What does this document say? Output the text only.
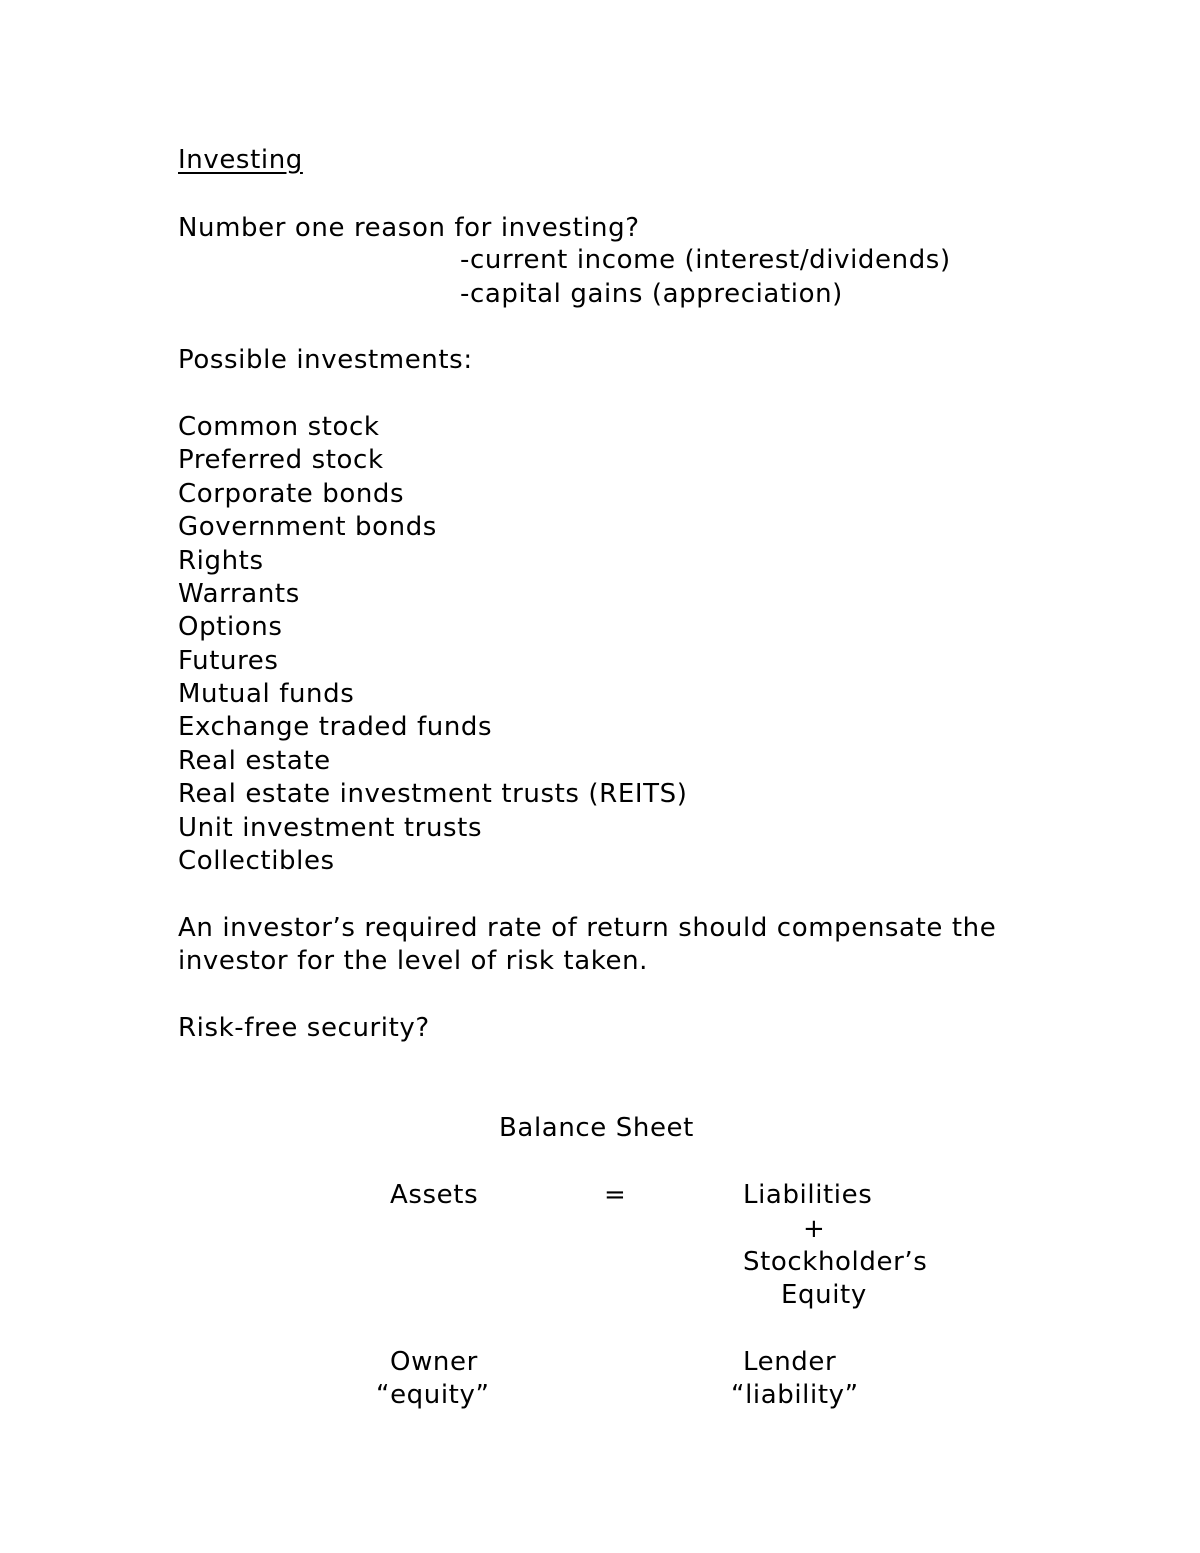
Investing
Number one reason for investing?
-current income (interest/dividends)
-capital gains (appreciation)
Possible investments:
Common stock
Preferred stock
Corporate bonds
Government bonds
Rights
Warrants
Options
Futures
Mutual funds
Exchange traded funds
Real estate
Real estate investment trusts (REITS)
Unit investment trusts
Collectibles
An investor’s required rate of return should compensate the
investor for the level of risk taken.
Risk-free security?
Balance Sheet
Assets	=	Liabilities
+
Stockholder’s
Equity
Owner
“equity”
Lender
“liability”
